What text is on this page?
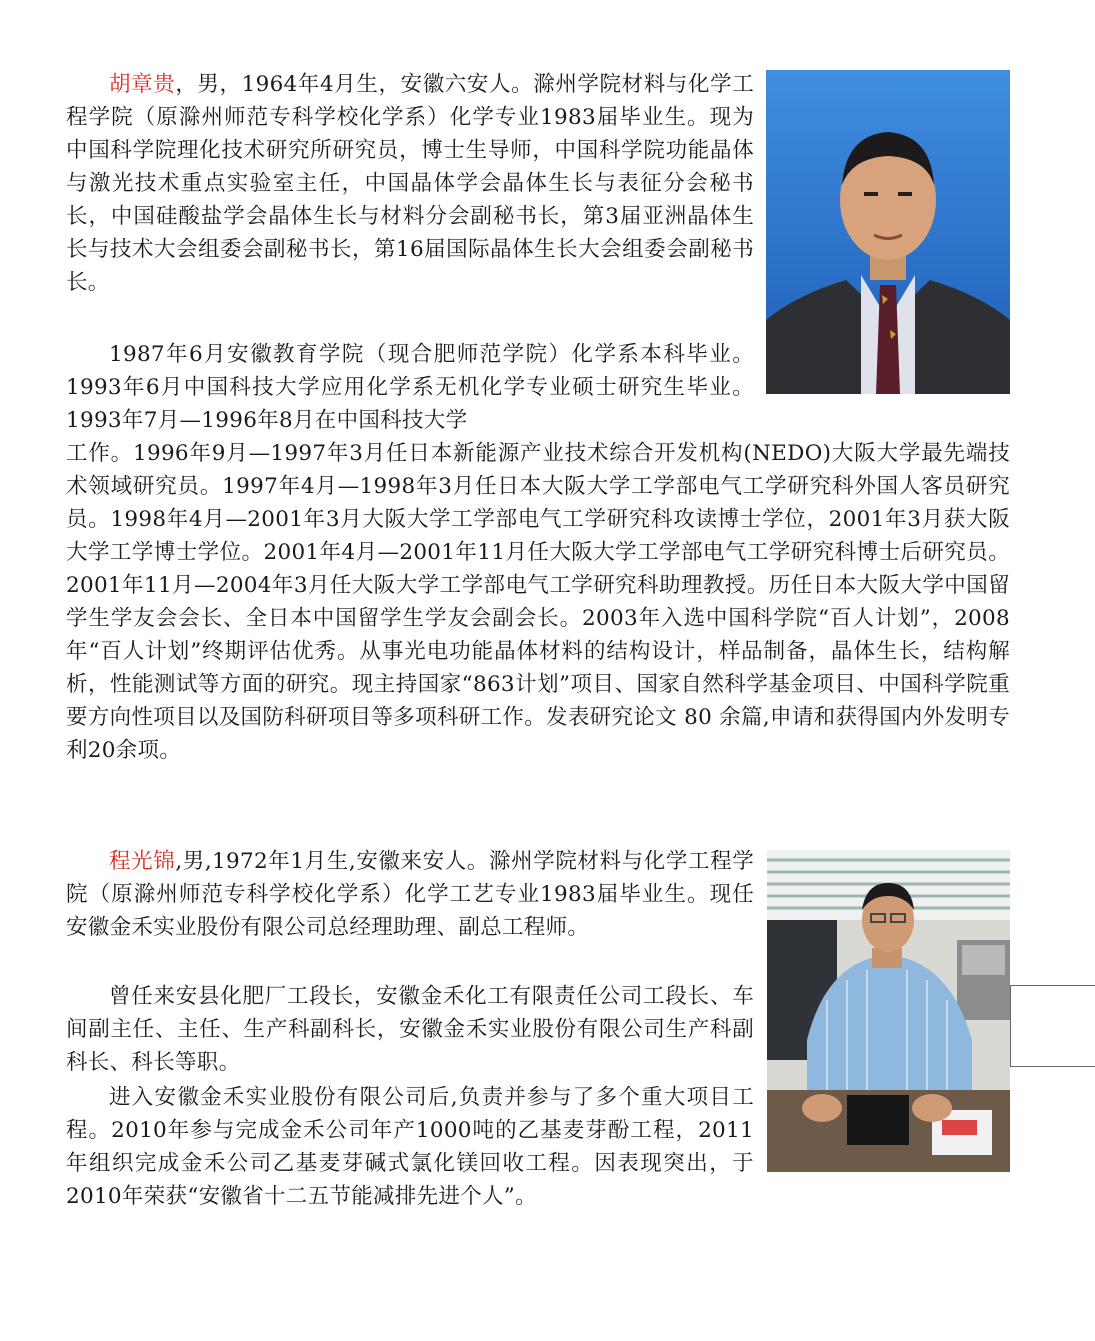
胡章贵，男，1964年4月生，安徽六安人。滁州学院材料与化学工程学院（原滁州师范专科学校化学系）化学专业1983届毕业生。现为中国科学院理化技术研究所研究员，博士生导师，中国科学院功能晶体与激光技术重点实验室主任，中国晶体学会晶体生长与表征分会秘书长，中国硅酸盐学会晶体生长与材料分会副秘书长，第3届亚洲晶体生长与技术大会组委会副秘书长，第16届国际晶体生长大会组委会副秘书长。

1987年6月安徽教育学院（现合肥师范学院）化学系本科毕业。1993年6月中国科技大学应用化学系无机化学专业硕士研究生毕业。1993年7月—1996年8月在中国科技大学

工作。1996年9月—1997年3月任日本新能源产业技术综合开发机构(NEDO)大阪大学最先端技术领域研究员。1997年4月—1998年3月任日本大阪大学工学部电气工学研究科外国人客员研究员。1998年4月—2001年3月大阪大学工学部电气工学研究科攻读博士学位，2001年3月获大阪大学工学博士学位。2001年4月—2001年11月任大阪大学工学部电气工学研究科博士后研究员。2001年11月—2004年3月任大阪大学工学部电气工学研究科助理教授。历任日本大阪大学中国留学生学友会会长、全日本中国留学生学友会副会长。2003年入选中国科学院“百人计划”，2008年“百人计划”终期评估优秀。从事光电功能晶体材料的结构设计，样品制备，晶体生长，结构解析，性能测试等方面的研究。现主持国家“863计划”项目、国家自然科学基金项目、中国科学院重要方向性项目以及国防科研项目等多项科研工作。发表研究论文 80 余篇,申请和获得国内外发明专利20余项。

程光锦,男,1972年1月生,安徽来安人。滁州学院材料与化学工程学院（原滁州师范专科学校化学系）化学工艺专业1983届毕业生。现任安徽金禾实业股份有限公司总经理助理、副总工程师。

曾任来安县化肥厂工段长，安徽金禾化工有限责任公司工段长、车间副主任、主任、生产科副科长，安徽金禾实业股份有限公司生产科副科长、科长等职。

进入安徽金禾实业股份有限公司后,负责并参与了多个重大项目工程。2010年参与完成金禾公司年产1000吨的乙基麦芽酚工程，2011年组织完成金禾公司乙基麦芽碱式氯化镁回收工程。因表现突出，于2010年荣获“安徽省十二五节能减排先进个人”。
